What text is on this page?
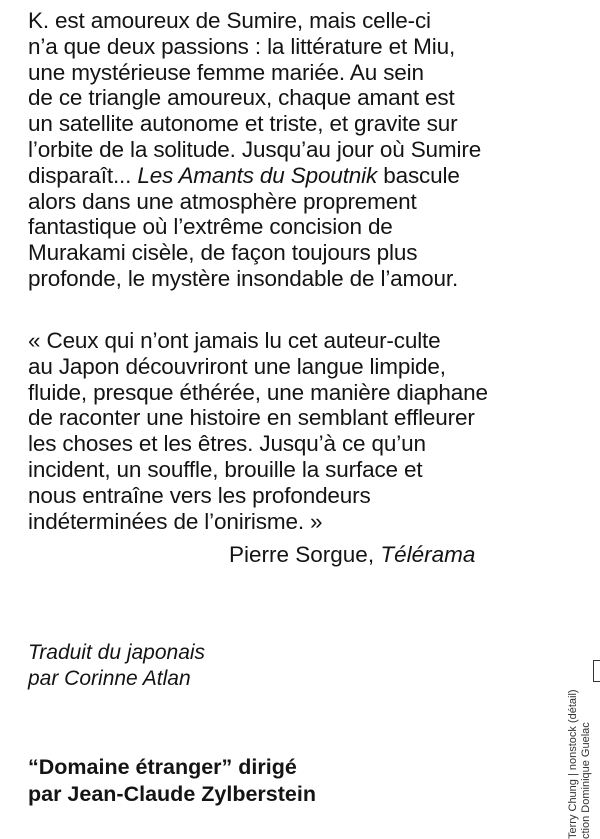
K. est amoureux de Sumire, mais celle-ci
n’a que deux passions : la littérature et Miu,
une mystérieuse femme mariée. Au sein
de ce triangle amoureux, chaque amant est
un satellite autonome et triste, et gravite sur
l’orbite de la solitude. Jusqu’au jour où Sumire
disparaît... Les Amants du Spoutnik bascule
alors dans une atmosphère proprement
fantastique où l’extrême concision de
Murakami cisèle, de façon toujours plus
profonde, le mystère insondable de l’amour.
« Ceux qui n’ont jamais lu cet auteur-culte
au Japon découvriront une langue limpide,
fluide, presque éthérée, une manière diaphane
de raconter une histoire en semblant effleurer
les choses et les êtres. Jusqu’à ce qu’un
incident, un souffle, brouille la surface et
nous entraîne vers les profondeurs
indéterminées de l’onirisme. »
Pierre Sorgue, Télérama
Traduit du japonais
par Corinne Atlan
“Domaine étranger” dirigé
par Jean-Claude Zylberstein	Terry Chung | nonstock (détail) ction Dominique Guelac
